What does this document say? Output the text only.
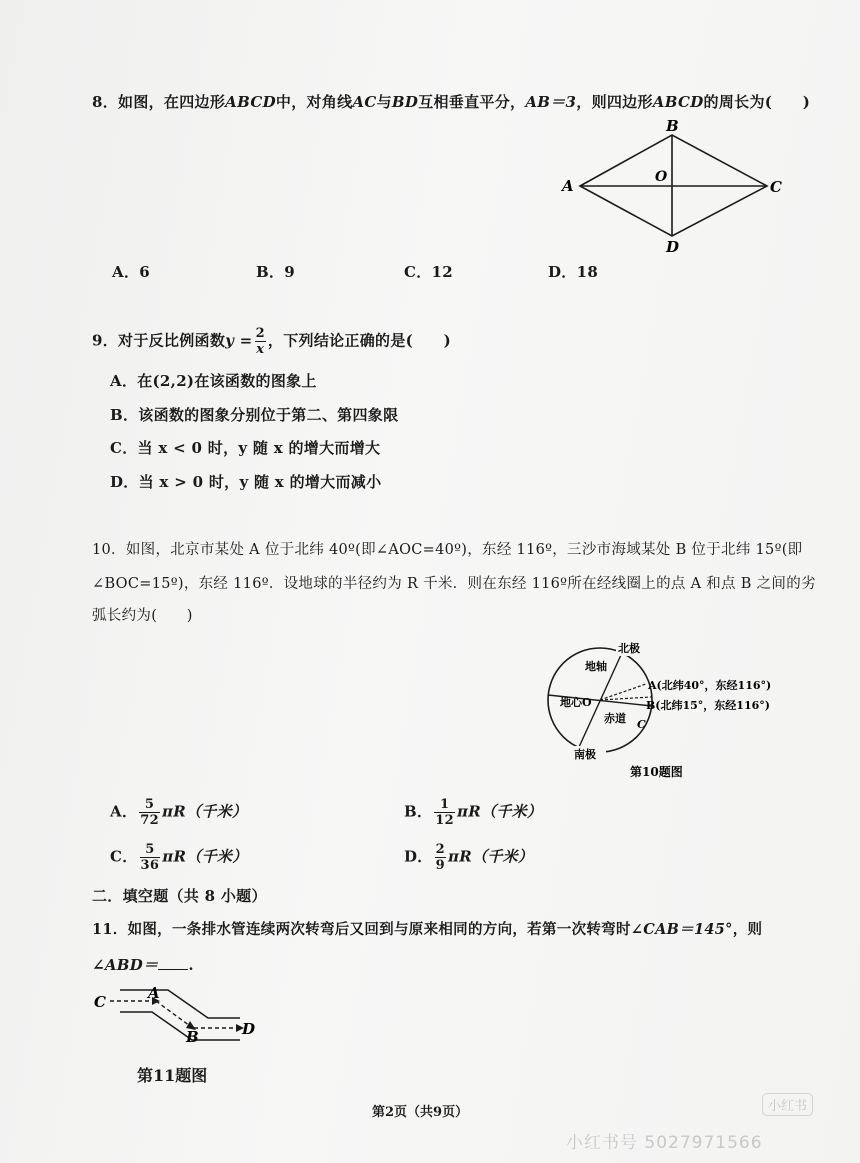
8．如图，在四边形ABCD中，对角线AC与BD互相垂直平分，AB＝3，则四边形ABCD的周长为(　　)
A
B
C
D
O
A．6	B．9	C．12	D．18
9．对于反比例函数$y = \frac{2}{x}$ ，下列结论正确的是(　　)
A．在(2,2)在该函数的图象上
B．该函数的图象分别位于第二、第四象限
C．当 x < 0 时，y 随 x 的增大而增大
D．当 x > 0 时，y 随 x 的增大而减小
10．如图，北京市某处 A 位于北纬 40º(即∠AOC=40º)，东经 116º，三沙市海域某处 B 位于北纬 15º(即
∠BOC=15º)，东经 116º．设地球的半径约为 R 千米．则在东经 116º所在经线圈上的点 A 和点 B 之间的劣
弧长约为(　　)
北极
南极
地轴
地心O
赤道
A(北纬40°，东经116°)
B(北纬15°，东经116°)
C
第10题图
A． $\frac{5}{72} \pi R$（千米）	B． $\frac{1}{12} \pi R$（千米）
C． $\frac{5}{36} \pi R$（千米）	D． $\frac{2}{9} \pi R$（千米）
二．填空题（共 8 小题）
11．如图，一条排水管连续两次转弯后又回到与原来相同的方向，若第一次转弯时∠CAB＝145°，则
∠ABD＝ .
C	A
B	D
第11题图
第2页（共9页）	小红书
小红书号 5027971566
